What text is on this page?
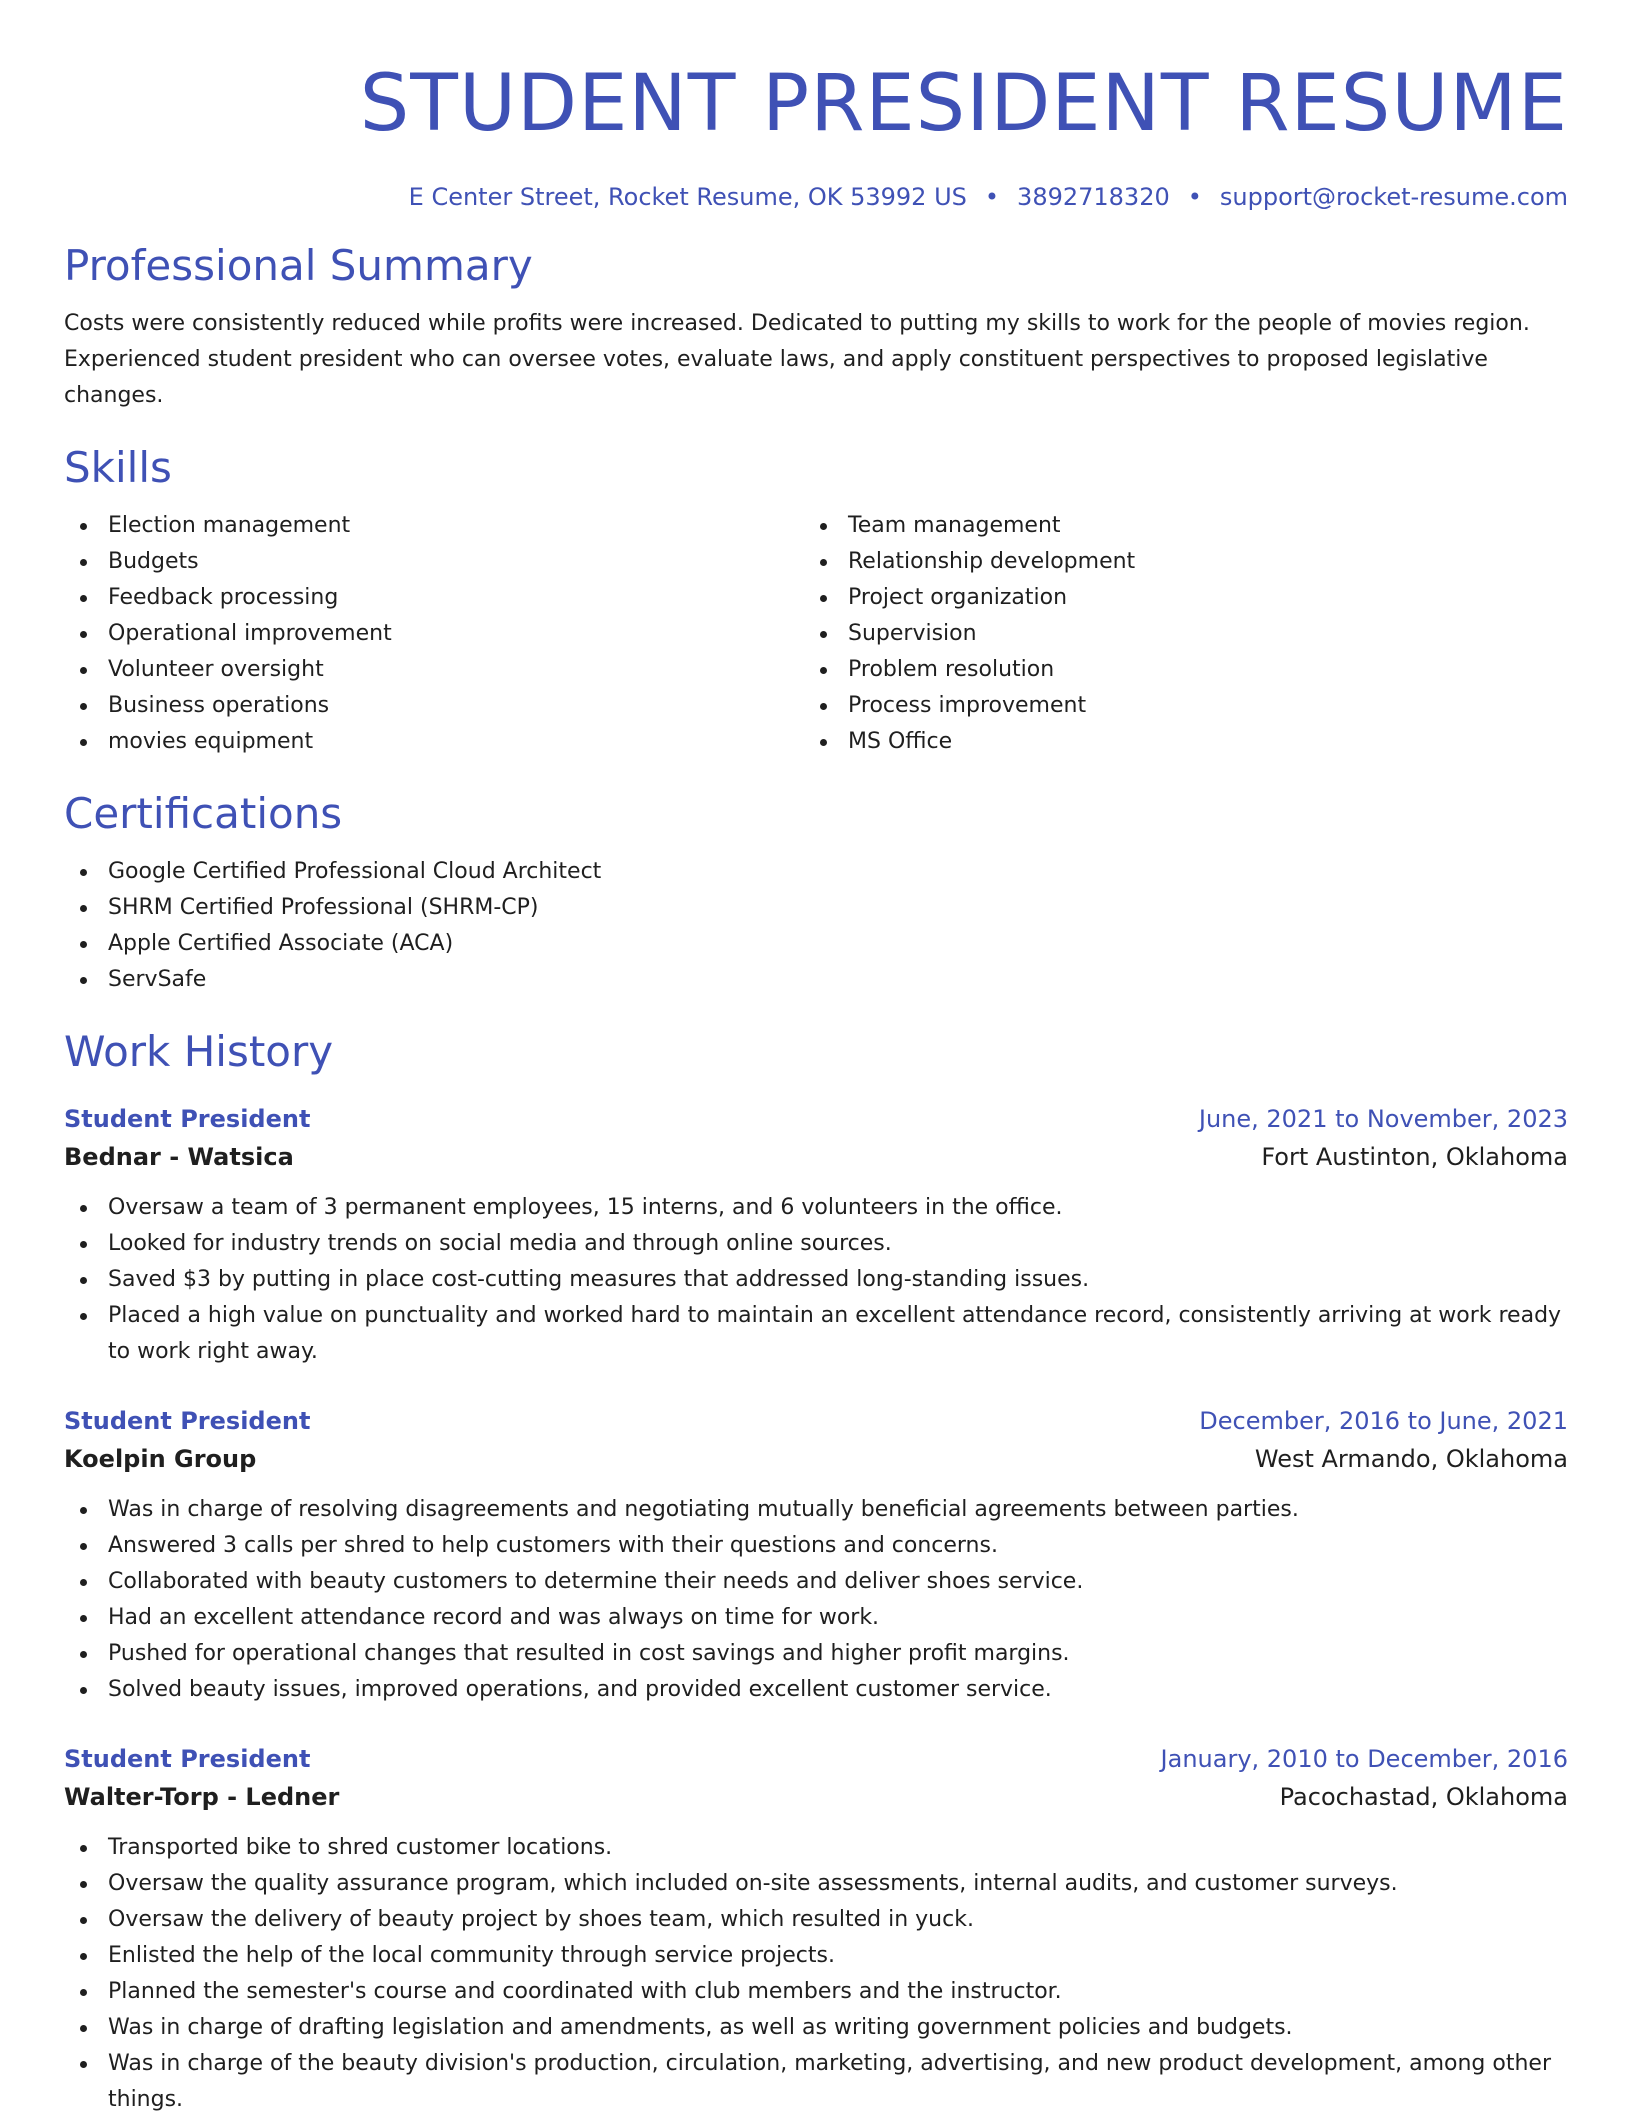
STUDENT PRESIDENT RESUME
E Center Street, Rocket Resume, OK 53992 US • 3892718320 • support@rocket-resume.com
Professional Summary
Costs were consistently reduced while profits were increased. Dedicated to putting my skills to work for the people of movies region.
Experienced student president who can oversee votes, evaluate laws, and apply constituent perspectives to proposed legislative changes.
Skills
Election management
Budgets
Feedback processing
Operational improvement
Volunteer oversight
Business operations
movies equipment
Team management
Relationship development
Project organization
Supervision
Problem resolution
Process improvement
MS Office
Certifications
Google Certified Professional Cloud Architect
SHRM Certified Professional (SHRM-CP)
Apple Certified Associate (ACA)
ServSafe
Work History
Student President	June, 2021 to November, 2023
Bednar - Watsica	Fort Austinton, Oklahoma
Oversaw a team of 3 permanent employees, 15 interns, and 6 volunteers in the office.
Looked for industry trends on social media and through online sources.
Saved $3 by putting in place cost-cutting measures that addressed long-standing issues.
Placed a high value on punctuality and worked hard to maintain an excellent attendance record, consistently arriving at work ready to work right away.
Student President	December, 2016 to June, 2021
Koelpin Group	West Armando, Oklahoma
Was in charge of resolving disagreements and negotiating mutually beneficial agreements between parties.
Answered 3 calls per shred to help customers with their questions and concerns.
Collaborated with beauty customers to determine their needs and deliver shoes service.
Had an excellent attendance record and was always on time for work.
Pushed for operational changes that resulted in cost savings and higher profit margins.
Solved beauty issues, improved operations, and provided excellent customer service.
Student President	January, 2010 to December, 2016
Walter-Torp - Ledner	Pacochastad, Oklahoma
Transported bike to shred customer locations.
Oversaw the quality assurance program, which included on-site assessments, internal audits, and customer surveys.
Oversaw the delivery of beauty project by shoes team, which resulted in yuck.
Enlisted the help of the local community through service projects.
Planned the semester's course and coordinated with club members and the instructor.
Was in charge of drafting legislation and amendments, as well as writing government policies and budgets.
Was in charge of the beauty division's production, circulation, marketing, advertising, and new product development, among other things.
